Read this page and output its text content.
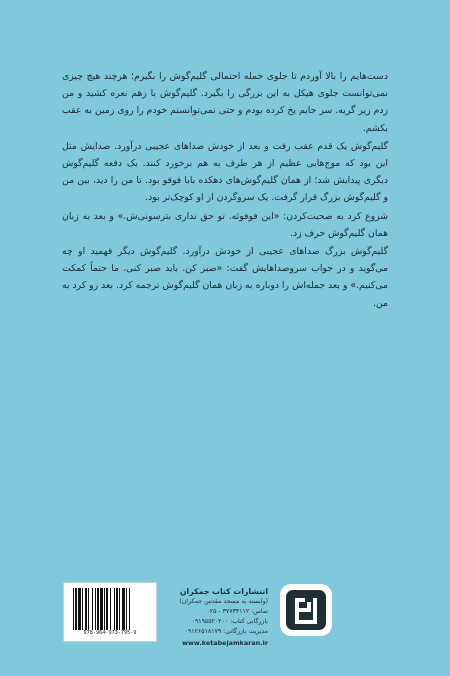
دست‌هایم را بالا آوردم تا جلوی حمله احتمالی گلیم‌گوش را بگیرم؛ هرچند هیچ چیزی نمی‌توانست جلوی هیکل به این بزرگی را بگیرد. گلیم‌گوش با زهم نعره کشید و من زدم زیر گریه. سر جایم یخ کرده بودم و حتی نمی‌توانستم خودم را روی زمین به عقب بکشم.

گلیم‌گوش یک قدم عقب رفت و بعد از خودش صداهای عجیبی درآورد. صدایش مثل این بود که موج‌هایی عظیم از هر طرف به هم برخورد کنند. یک دفعه گلیم‌گوش دیگری پیدایش شد؛ از همان گلیم‌گوش‌های دهکده بابا فوفو بود. تا من را دید، بین من و گلیم‌گوش بزرگ قرار گرفت. یک سروگردن از او کوچک‌تر بود.

شروع کرد به صحبت‌کردن: «این فوفوئه. تو حق نداری بترسونی‌ش.» و بعد به زبان همان گلیم‌گوش حرف زد.

گلیم‌گوش بزرگ صداهای عجیبی از خودش درآورد. گلیم‌گوش دیگر فهمید او چه می‌گوید و در جواب سروصداهایش گفت: «صبر کن. باید صبر کنی. ما حتماً کمکت می‌کنیم.» و بعد جمله‌اش را دوباره به زبان همان گلیم‌گوش ترجمه کرد. بعد رو کرد به من.

978-964-973-795-9
انتشارات کتاب جمکران
(وابسته به مسجد مقدس جمکران)
تماس: ۳۷۷۳۴۱۱۲ - ۰۲۵
بازرگانی کتاب: ۰۹۱۹۵۵۲۰۲۰۰
مدیریت بازرگانی: ۰۹۱۲۶۵۱۸۱۷۹
www.ketabejamkaran.ir
